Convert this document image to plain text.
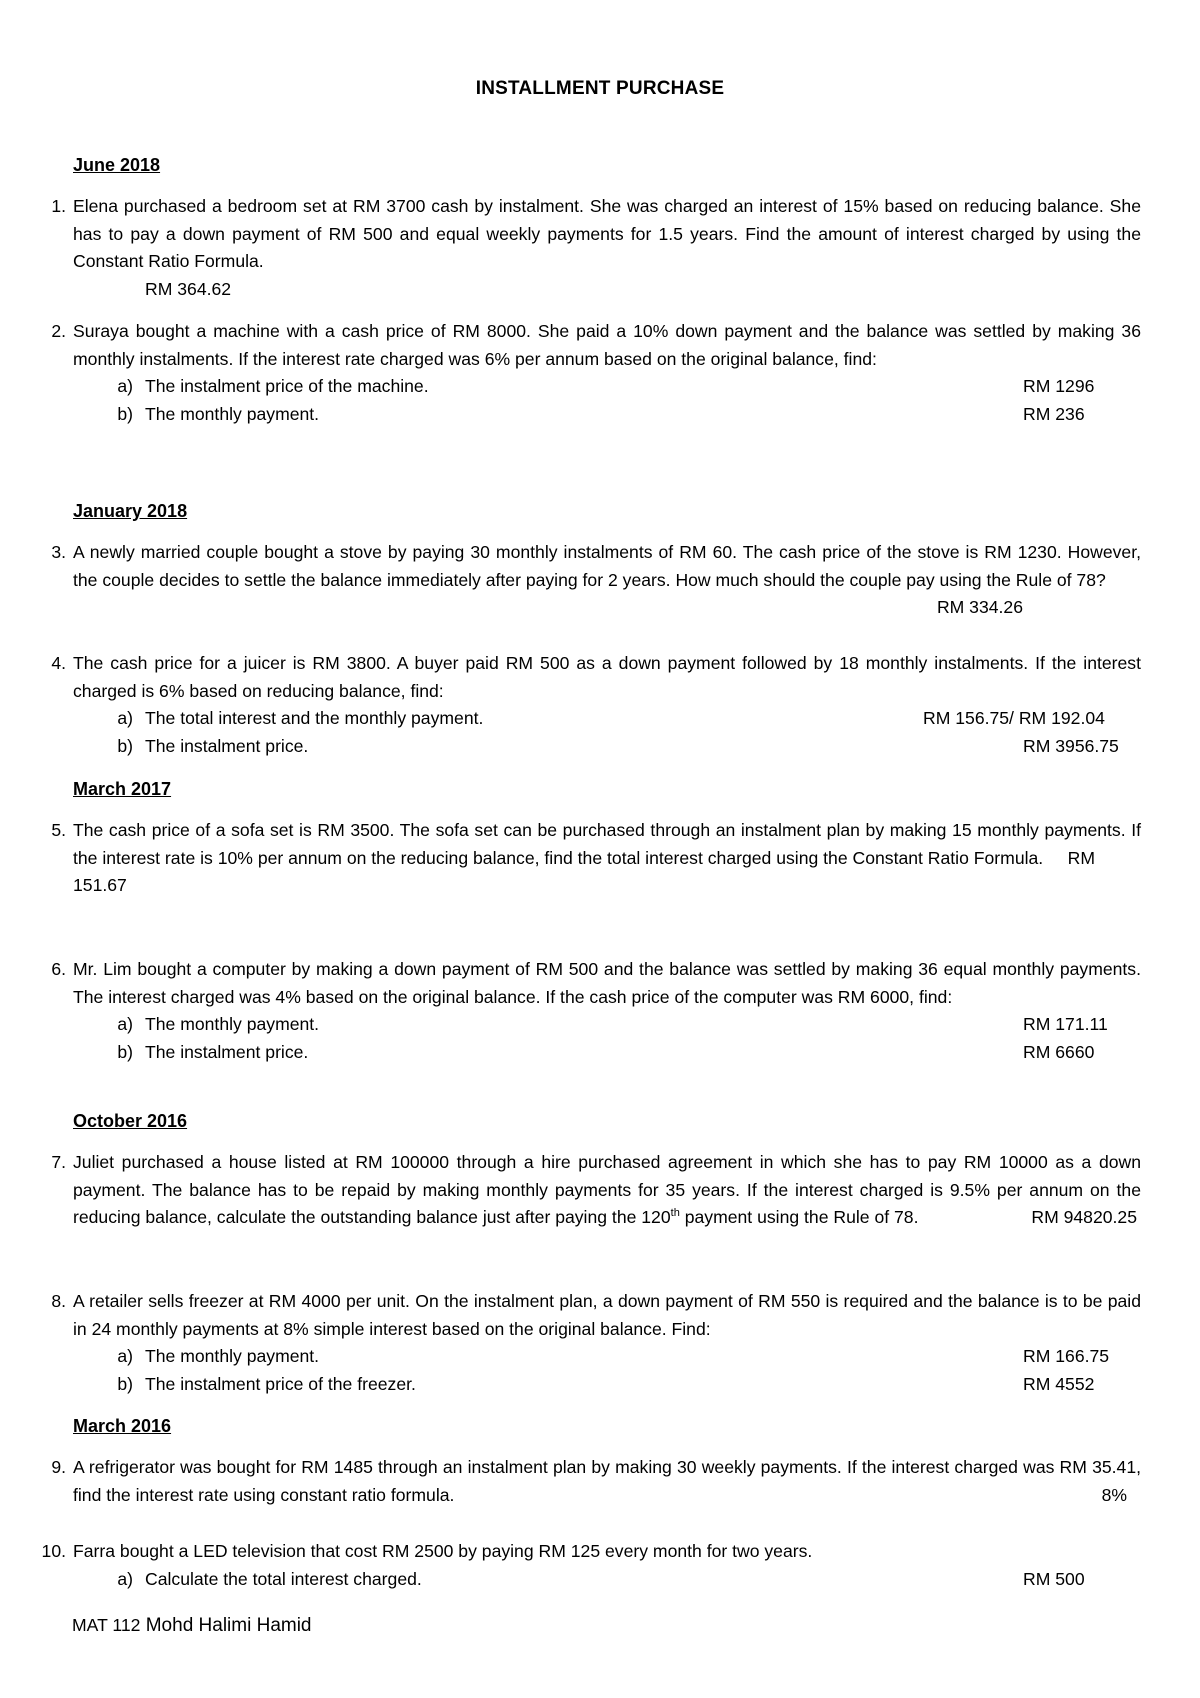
INSTALLMENT PURCHASE
June 2018
1. Elena purchased a bedroom set at RM 3700 cash by instalment. She was charged an interest of 15% based on reducing balance. She has to pay a down payment of RM 500 and equal weekly payments for 1.5 years. Find the amount of interest charged by using the Constant Ratio Formula.
RM 364.62
2. Suraya bought a machine with a cash price of RM 8000. She paid a 10% down payment and the balance was settled by making 36 monthly instalments. If the interest rate charged was 6% per annum based on the original balance, find:
a) The instalment price of the machine.	RM 1296
b) The monthly payment.	RM 236
January 2018
3. A newly married couple bought a stove by paying 30 monthly instalments of RM 60. The cash price of the stove is RM 1230. However, the couple decides to settle the balance immediately after paying for 2 years. How much should the couple pay using the Rule of 78?
RM 334.26
4. The cash price for a juicer is RM 3800. A buyer paid RM 500 as a down payment followed by 18 monthly instalments. If the interest charged is 6% based on reducing balance, find:
a) The total interest and the monthly payment.	RM 156.75/ RM 192.04
b) The instalment price.	RM 3956.75
March 2017
5. The cash price of a sofa set is RM 3500. The sofa set can be purchased through an instalment plan by making 15 monthly payments. If the interest rate is 10% per annum on the reducing balance, find the total interest charged using the Constant Ratio Formula. RM
151.67
6. Mr. Lim bought a computer by making a down payment of RM 500 and the balance was settled by making 36 equal monthly payments. The interest charged was 4% based on the original balance. If the cash price of the computer was RM 6000, find:
a) The monthly payment.	RM 171.11
b) The instalment price.	RM 6660
October 2016
7. Juliet purchased a house listed at RM 100000 through a hire purchased agreement in which she has to pay RM 10000 as a down payment. The balance has to be repaid by making monthly payments for 35 years. If the interest charged is 9.5% per annum on the reducing balance, calculate the outstanding balance just after paying the 120th payment using the Rule of 78.	RM 94820.25
8. A retailer sells freezer at RM 4000 per unit. On the instalment plan, a down payment of RM 550 is required and the balance is to be paid in 24 monthly payments at 8% simple interest based on the original balance. Find:
a) The monthly payment.	RM 166.75
b) The instalment price of the freezer.	RM 4552
March 2016
9. A refrigerator was bought for RM 1485 through an instalment plan by making 30 weekly payments. If the interest charged was RM 35.41, find the interest rate using constant ratio formula.	8%
10. Farra bought a LED television that cost RM 2500 by paying RM 125 every month for two years.
a) Calculate the total interest charged.	RM 500
MAT 112 Mohd Halimi Hamid
